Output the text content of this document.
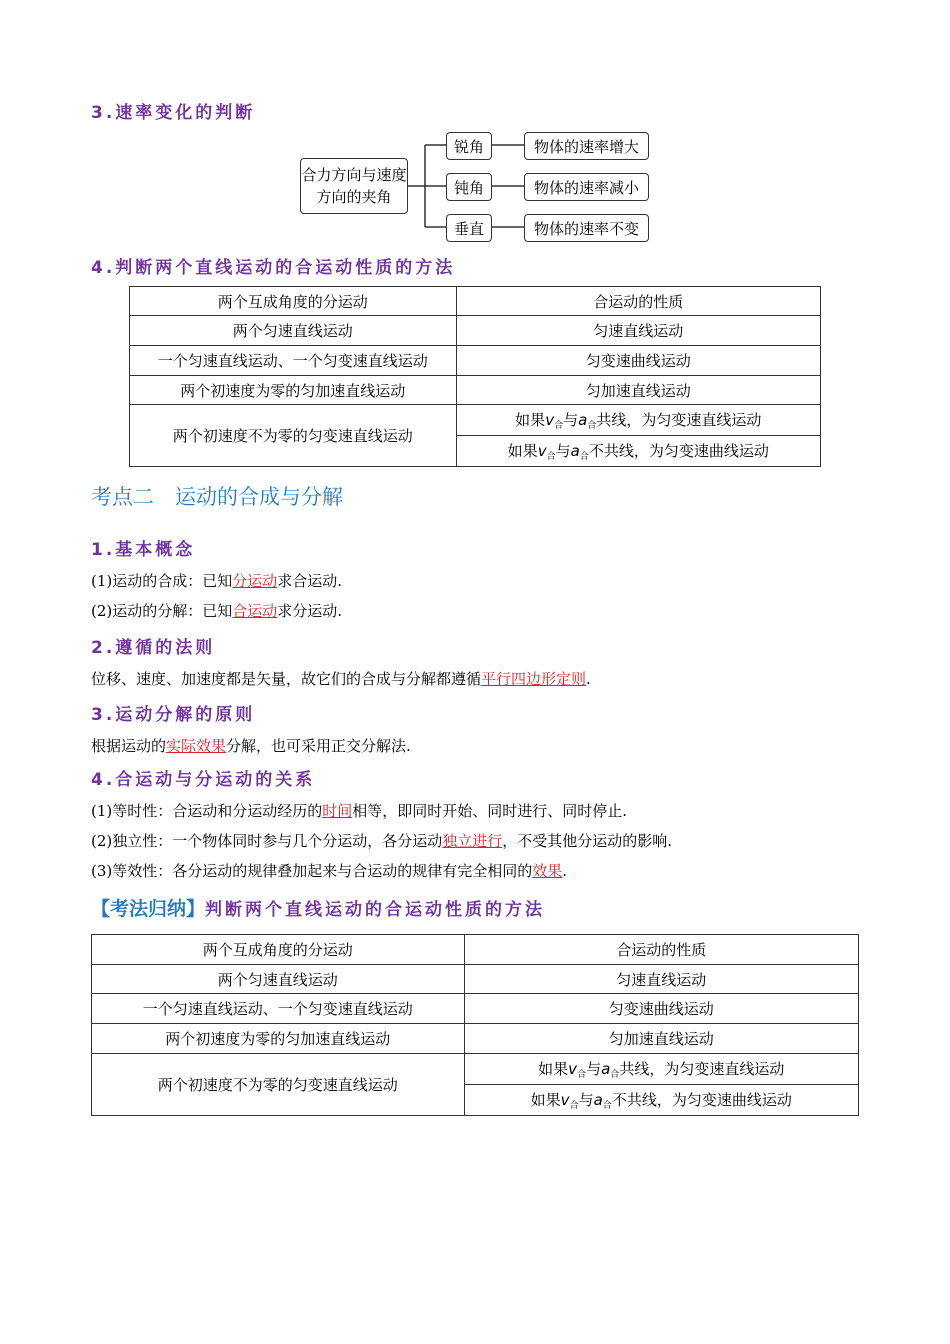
3.速率变化的判断
合力方向与速度方向的夹角
锐角
钝角
垂直
物体的速率增大
物体的速率减小
物体的速率不变
4.判断两个直线运动的合运动性质的方法
两个互成角度的分运动	合运动的性质
两个匀速直线运动	匀速直线运动
一个匀速直线运动、一个匀变速直线运动	匀变速曲线运动
两个初速度为零的匀加速直线运动	匀加速直线运动
两个初速度不为零的匀变速直线运动	如果$v_合$与$a_合$共线，为匀变速直线运动
	如果$v_合$与$a_合$不共线，为匀变速曲线运动
考点二　运动的合成与分解
1.基本概念
(1)运动的合成：已知分运动求合运动.
(2)运动的分解：已知合运动求分运动.
2.遵循的法则
位移、速度、加速度都是矢量，故它们的合成与分解都遵循平行四边形定则.
3.运动分解的原则
根据运动的实际效果分解，也可采用正交分解法.
4.合运动与分运动的关系
(1)等时性：合运动和分运动经历的时间相等，即同时开始、同时进行、同时停止.
(2)独立性：一个物体同时参与几个分运动，各分运动独立进行，不受其他分运动的影响.
(3)等效性：各分运动的规律叠加起来与合运动的规律有完全相同的效果.
【考法归纳】判断两个直线运动的合运动性质的方法
两个互成角度的分运动	合运动的性质
两个匀速直线运动	匀速直线运动
一个匀速直线运动、一个匀变速直线运动	匀变速曲线运动
两个初速度为零的匀加速直线运动	匀加速直线运动
两个初速度不为零的匀变速直线运动	如果$v_合$与$a_合$共线，为匀变速直线运动
	如果$v_合$与$a_合$不共线，为匀变速曲线运动
